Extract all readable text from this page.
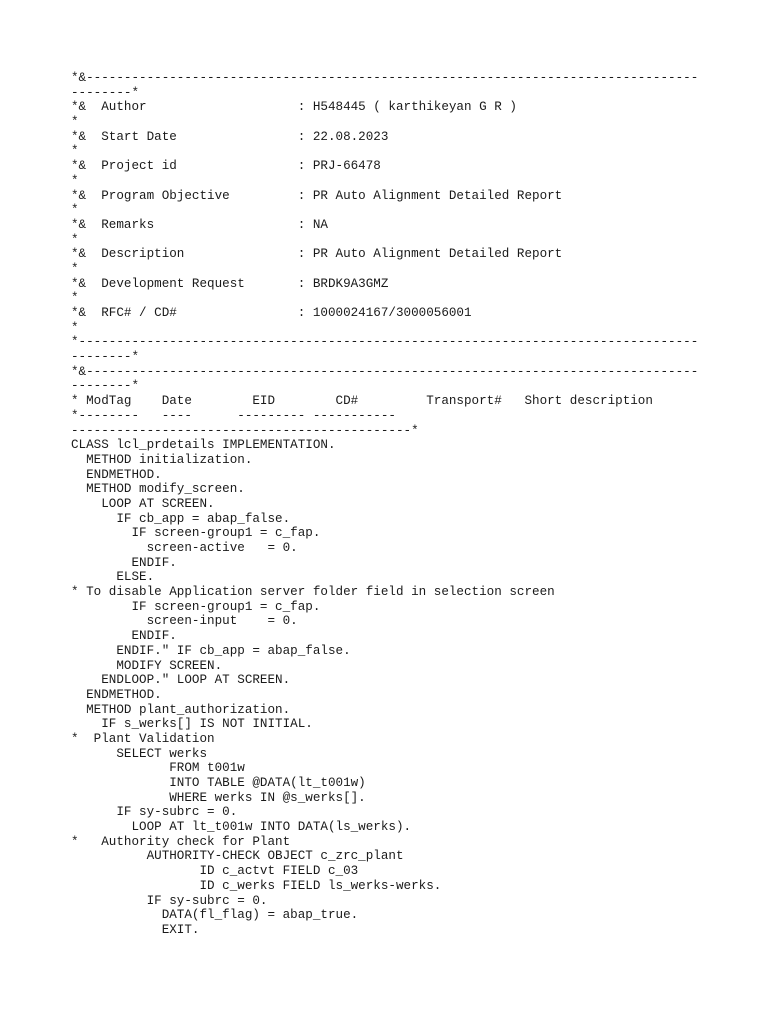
*&---------------------------------------------------------------------------------
--------*
*&  Author                    : H548445 ( karthikeyan G R )
*
*&  Start Date                : 22.08.2023
*
*&  Project id                : PRJ-66478
*
*&  Program Objective         : PR Auto Alignment Detailed Report
*
*&  Remarks                   : NA
*
*&  Description               : PR Auto Alignment Detailed Report
*
*&  Development Request       : BRDK9A3GMZ
*
*&  RFC# / CD#                : 1000024167/3000056001
*
*----------------------------------------------------------------------------------
--------*
*&---------------------------------------------------------------------------------
--------*
* ModTag    Date        EID        CD#         Transport#   Short description
*--------   ----      --------- -----------
---------------------------------------------*
CLASS lcl_prdetails IMPLEMENTATION.
METHOD initialization.
ENDMETHOD.
METHOD modify_screen.
LOOP AT SCREEN.
IF cb_app = abap_false.
IF screen-group1 = c_fap.
screen-active   = 0.
ENDIF.
ELSE.
* To disable Application server folder field in selection screen
IF screen-group1 = c_fap.
screen-input    = 0.
ENDIF.
ENDIF." IF cb_app = abap_false.
MODIFY SCREEN.
ENDLOOP." LOOP AT SCREEN.
ENDMETHOD.
METHOD plant_authorization.
IF s_werks[] IS NOT INITIAL.
*  Plant Validation
SELECT werks
FROM t001w
INTO TABLE @DATA(lt_t001w)
WHERE werks IN @s_werks[].
IF sy-subrc = 0.
LOOP AT lt_t001w INTO DATA(ls_werks).
*   Authority check for Plant
AUTHORITY-CHECK OBJECT c_zrc_plant
ID c_actvt FIELD c_03
ID c_werks FIELD ls_werks-werks.
IF sy-subrc = 0.
DATA(fl_flag) = abap_true.
EXIT.
